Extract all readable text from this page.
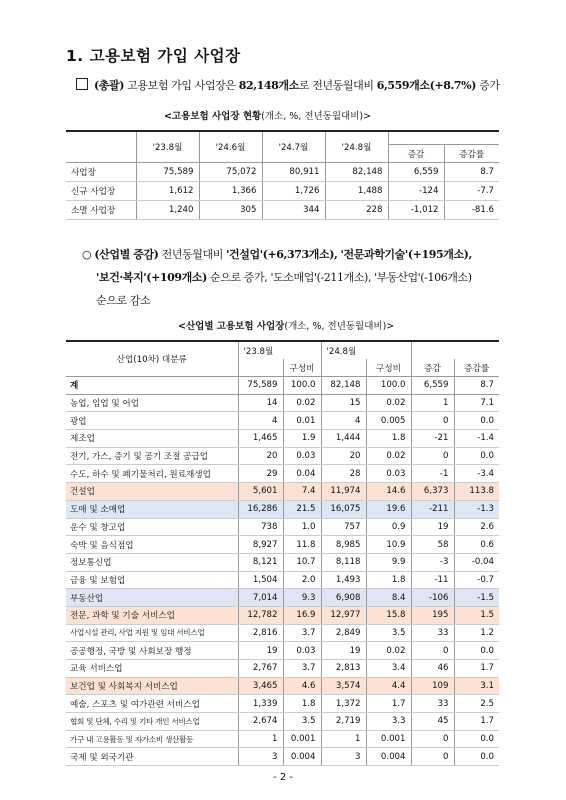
1. 고용보험 가입 사업장
(총괄) 고용보험 가입 사업장은 82,148개소로 전년동월대비 6,559개소(+8.7%) 증가
<고용보험 사업장 현황(개소, %, 전년동월대비)>
	'23.8월	'24.6월	'24.7월	'24.8월		
					증감	증감률
사업장	75,589	75,072	80,911	82,148	6,559	8.7
신규 사업장	1,612	1,366	1,726	1,488	-124	-7.7
소멸 사업장	1,240	305	344	228	-1,012	-81.6
○ (산업별 증감) 전년동월대비 '건설업'(+6,373개소), '전문과학기술'(+195개소),
'보건·복지'(+109개소) 순으로 증가, '도소매업'(-211개소), '부동산업'(-106개소)
순으로 감소
<산업별 고용보험 사업장(개소, %, 전년동월대비)>
산업(10차) 대분류	'23.8월		'24.8월			
		구성비		구성비	증감	증감률
계	75,589	100.0	82,148	100.0	6,559	8.7
농업, 임업 및 어업	14	0.02	15	0.02	1	7.1
광업	4	0.01	4	0.005	0	0.0
제조업	1,465	1.9	1,444	1.8	-21	-1.4
전기, 가스, 증기 및 공기 조절 공급업	20	0.03	20	0.02	0	0.0
수도, 하수 및 폐기물처리, 원료재생업	29	0.04	28	0.03	-1	-3.4
건설업	5,601	7.4	11,974	14.6	6,373	113.8
도매 및 소매업	16,286	21.5	16,075	19.6	-211	-1.3
운수 및 창고업	738	1.0	757	0.9	19	2.6
숙박 및 음식점업	8,927	11.8	8,985	10.9	58	0.6
정보통신업	8,121	10.7	8,118	9.9	-3	-0.04
금융 및 보험업	1,504	2.0	1,493	1.8	-11	-0.7
부동산업	7,014	9.3	6,908	8.4	-106	-1.5
전문, 과학 및 기술 서비스업	12,782	16.9	12,977	15.8	195	1.5
사업시설 관리, 사업 지원 및 임대 서비스업	2,816	3.7	2,849	3.5	33	1.2
공공행정, 국방 및 사회보장 행정	19	0.03	19	0.02	0	0.0
교육 서비스업	2,767	3.7	2,813	3.4	46	1.7
보건업 및 사회복지 서비스업	3,465	4.6	3,574	4.4	109	3.1
예술, 스포츠 및 여가관련 서비스업	1,339	1.8	1,372	1.7	33	2.5
협회 및 단체, 수리 및 기타 개인 서비스업	2,674	3.5	2,719	3.3	45	1.7
가구 내 고용활동 및 자가소비 생산활동	1	0.001	1	0.001	0	0.0
국제 및 외국기관	3	0.004	3	0.004	0	0.0
- 2 -
